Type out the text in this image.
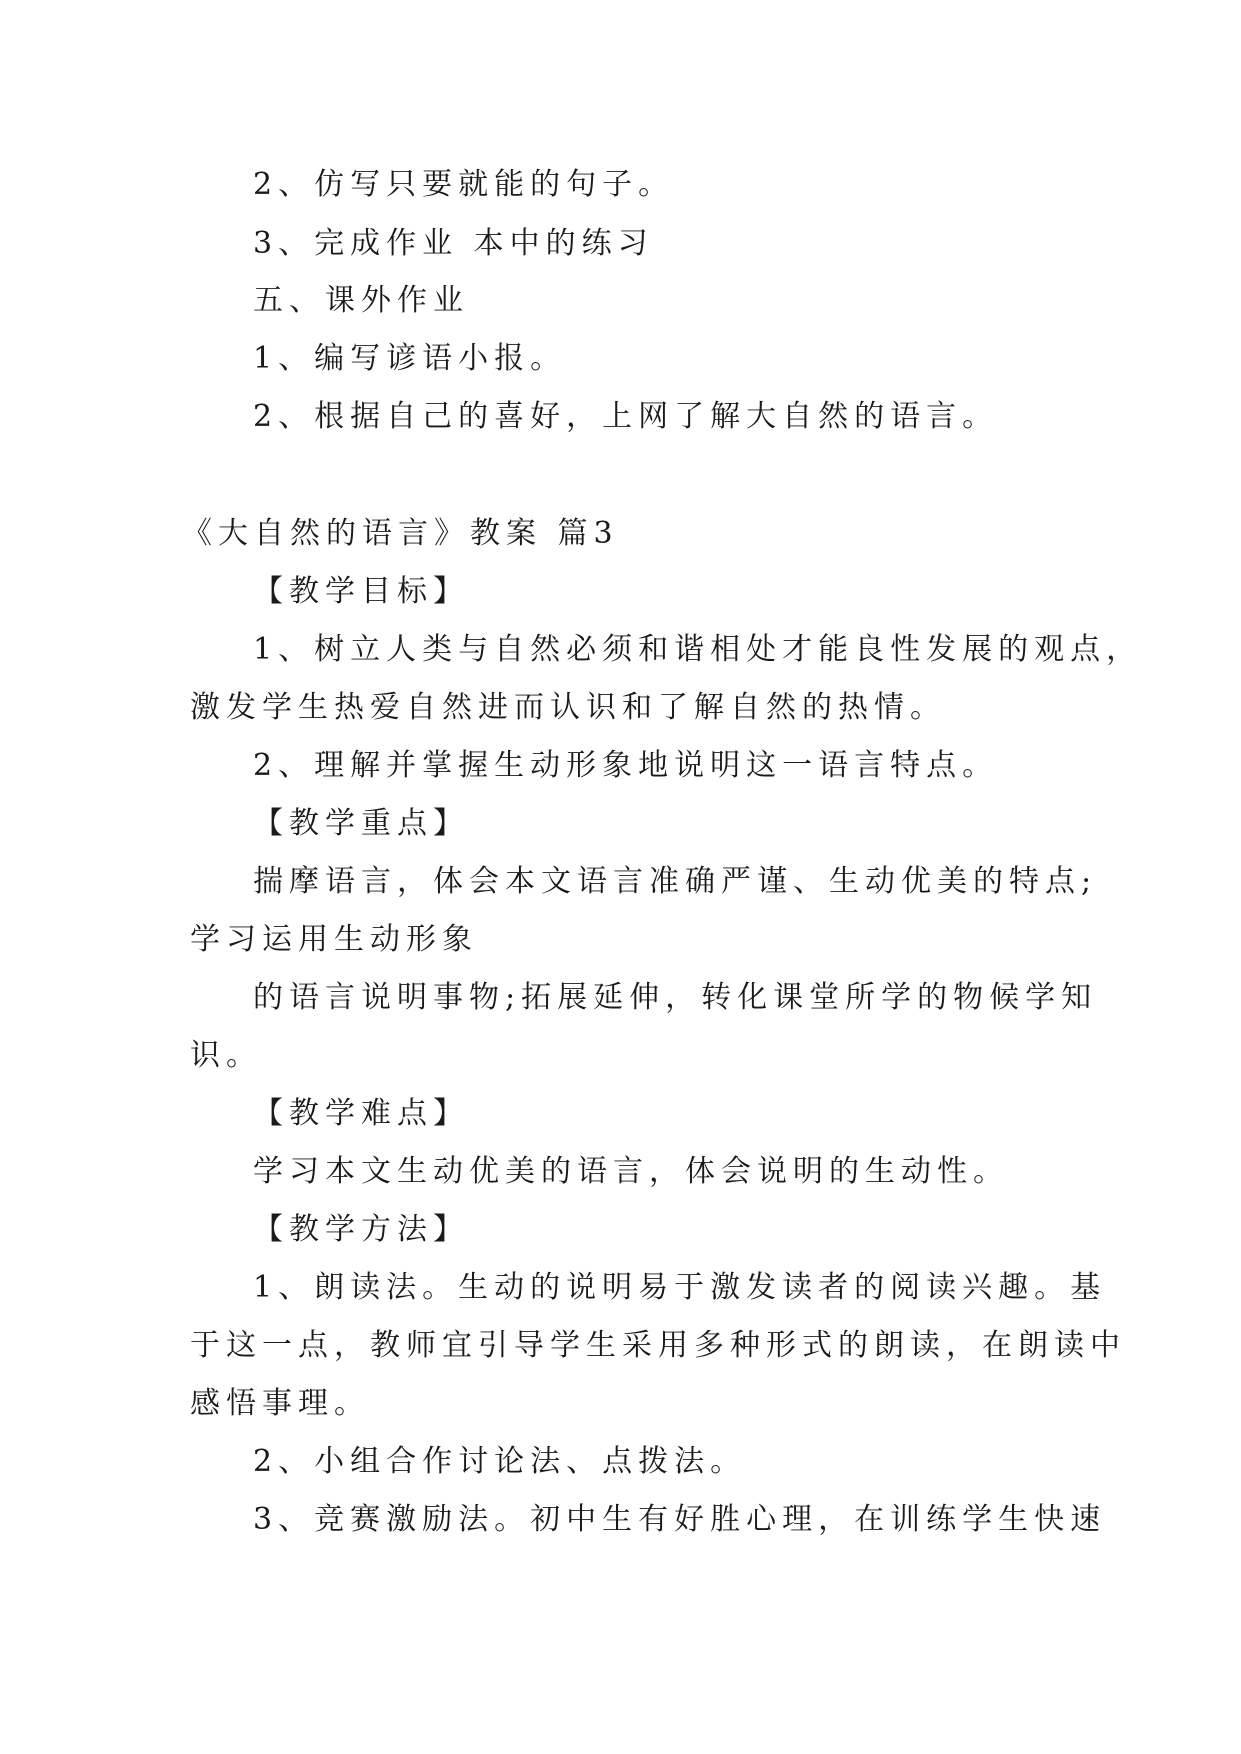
2、仿写只要就能的句子。
3、完成作业 本中的练习
五、课外作业
1、编写谚语小报。
2、根据自己的喜好，上网了解大自然的语言。
《大自然的语言》教案 篇3
【教学目标】
1、树立人类与自然必须和谐相处才能良性发展的观点，
激发学生热爱自然进而认识和了解自然的热情。
2、理解并掌握生动形象地说明这一语言特点。
【教学重点】
揣摩语言，体会本文语言准确严谨、生动优美的特点;
学习运用生动形象
的语言说明事物;拓展延伸，转化课堂所学的物候学知
识。
【教学难点】
学习本文生动优美的语言，体会说明的生动性。
【教学方法】
1、朗读法。生动的说明易于激发读者的阅读兴趣。基
于这一点，教师宜引导学生采用多种形式的朗读，在朗读中
感悟事理。
2、小组合作讨论法、点拨法。
3、竞赛激励法。初中生有好胜心理，在训练学生快速
